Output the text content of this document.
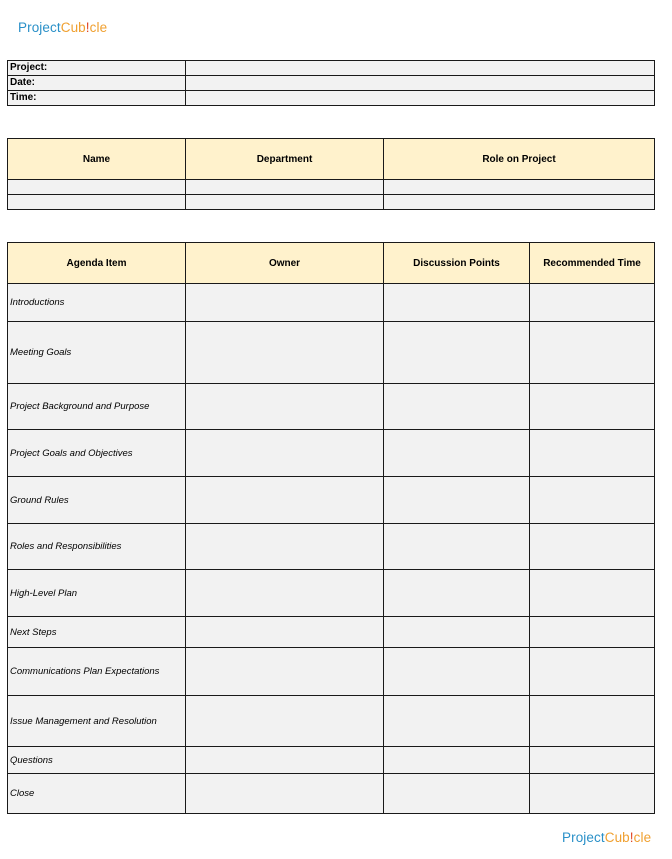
ProjectCub!cle
Project:	
Date:	
Time:	
Name	Department	Role on Project

Agenda Item	Owner	Discussion Points	Recommended Time
Introductions			
Meeting Goals			
Project Background and Purpose			
Project Goals and Objectives			
Ground Rules			
Roles and Responsibilities			
High-Level Plan			
Next Steps			
Communications Plan Expectations			
Issue Management and Resolution			
Questions			
Close			
ProjectCub!cle
